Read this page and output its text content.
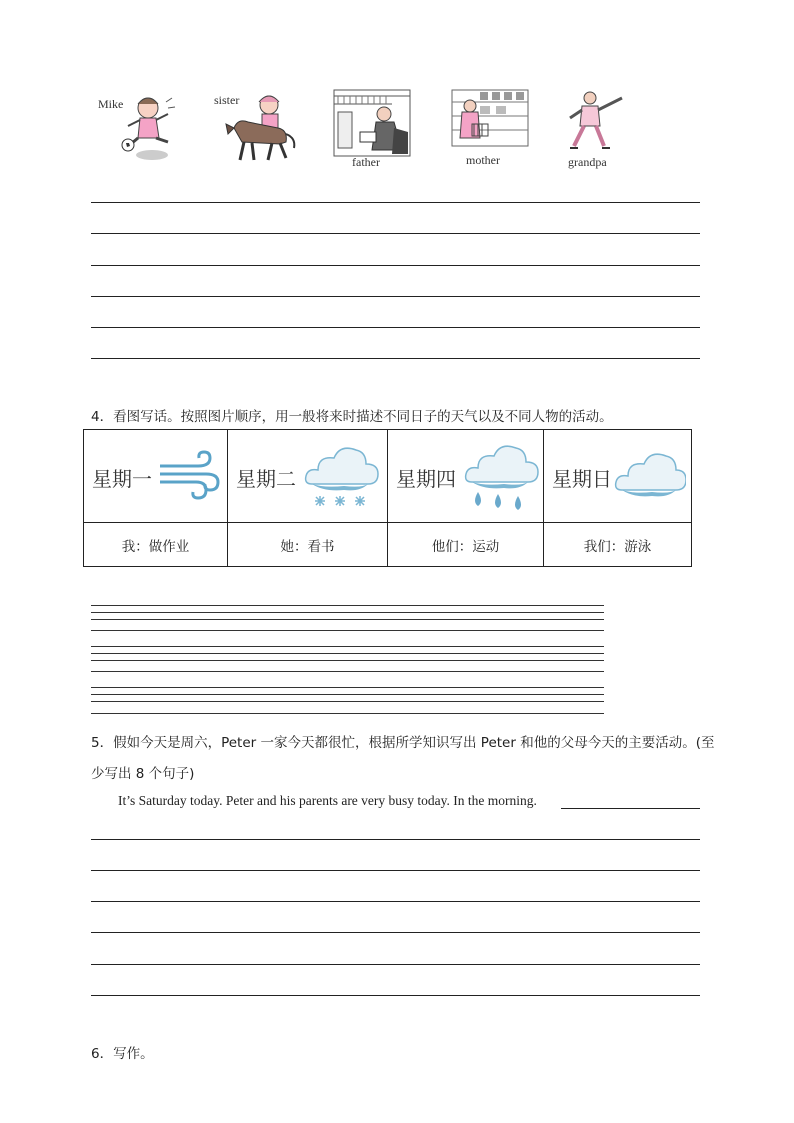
Mike	sister
father	mother	grandpa
4．看图写话。按照图片顺序，用一般将来时描述不同日子的天气以及不同人物的活动。
星期一	星期二	星期四	星期日

我：做作业	她：看书	他们：运动	我们：游泳
5．假如今天是周六，Peter 一家今天都很忙，根据所学知识写出 Peter 和他的父母今天的主要活动。(至
少写出 8 个句子)
It’s Saturday today. Peter and his parents are very busy today. In the morning.
6．写作。
